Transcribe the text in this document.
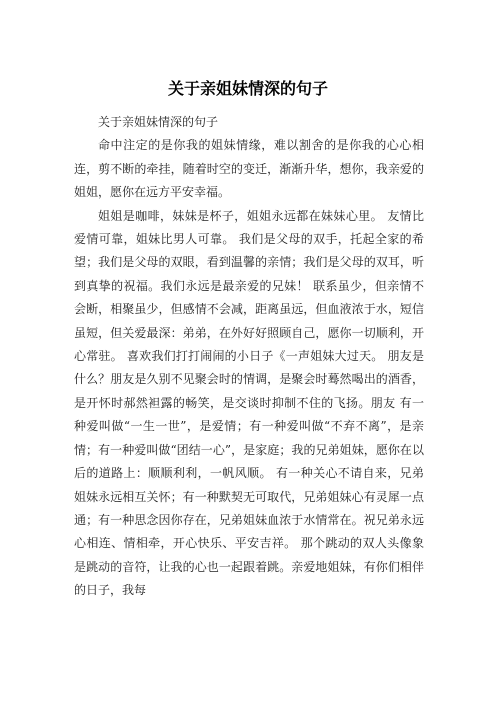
关于亲姐妹情深的句子

关于亲姐妹情深的句子

命中注定的是你我的姐妹情缘，难以割舍的是你我的心心相连，剪不断的牵挂，随着时空的变迁，渐渐升华，想你，我亲爱的姐姐，愿你在远方平安幸福。

姐姐是咖啡，妹妹是杯子，姐姐永远都在妹妹心里。 友情比爱情可靠，姐妹比男人可靠。 我们是父母的双手，托起全家的希望；我们是父母的双眼，看到温馨的亲情；我们是父母的双耳，听到真挚的祝福。我们永远是最亲爱的兄妹！ 联系虽少，但亲情不会断，相聚虽少，但感情不会减，距离虽远，但血液浓于水，短信虽短，但关爱最深：弟弟，在外好好照顾自己，愿你一切顺利，开心常驻。 喜欢我们打打闹闹的小日子《一声姐妹大过天。 朋友是什么？朋友是久别不见聚会时的情调，是聚会时蓦然喝出的酒香，是开怀时郝然袒露的畅笑，是交谈时抑制不住的飞扬。朋友 有一种爱叫做“一生一世”，是爱情；有一种爱叫做“不弃不离”，是亲情；有一种爱叫做“团结一心”，是家庭；我的兄弟姐妹，愿你在以后的道路上：顺顺利利，一帆风顺。 有一种关心不请自来，兄弟姐妹永远相互关怀；有一种默契无可取代，兄弟姐妹心有灵犀一点通；有一种思念因你存在，兄弟姐妹血浓于水情常在。祝兄弟永远心相连、情相牵，开心快乐、平安吉祥。 那个跳动的双人头像象是跳动的音符，让我的心也一起跟着跳。亲爱地姐妹，有你们相伴的日子，我每
